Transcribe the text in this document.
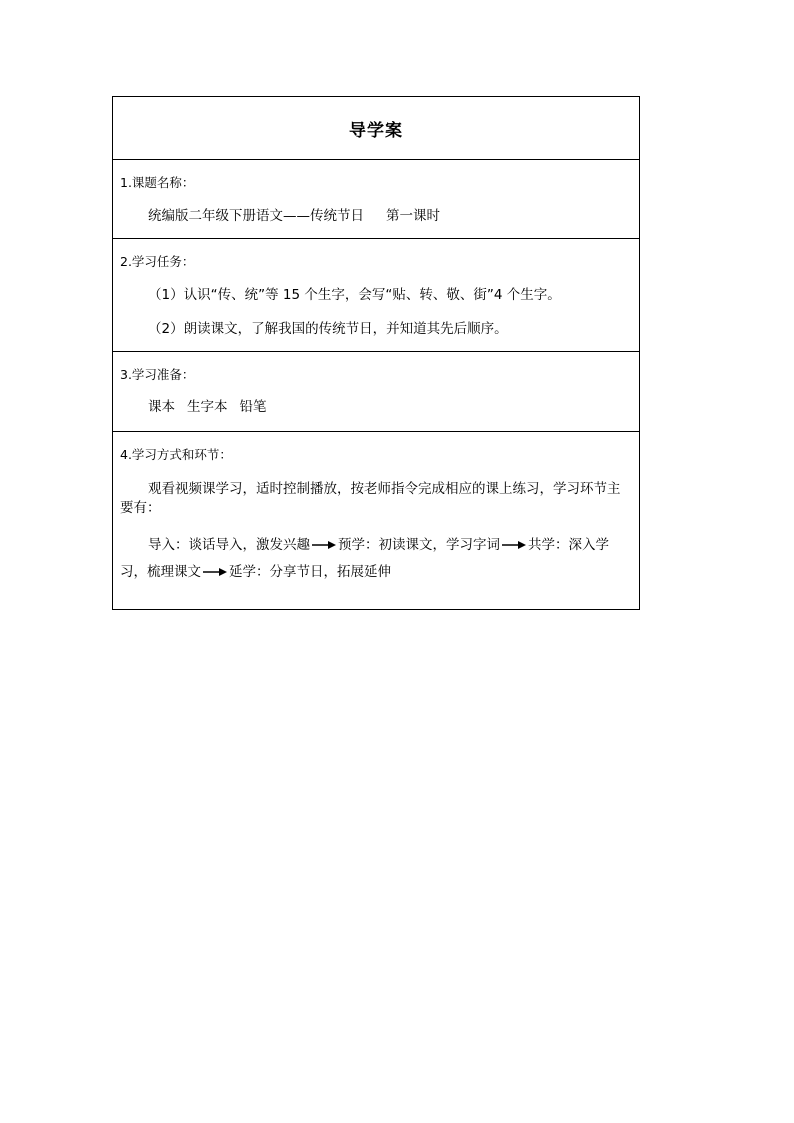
导学案

1.课题名称：
统编版二年级下册语文——传统节日 第一课时

2.学习任务：
（1）认识“传、统”等 15 个生字，会写“贴、转、敬、街”4 个生字。
（2）朗读课文，了解我国的传统节日，并知道其先后顺序。

3.学习准备：
课本 生字本 铅笔

4.学习方式和环节：
观看视频课学习，适时控制播放，按老师指令完成相应的课上练习，学习环节主要有：
导入：谈话导入，激发兴趣 预学：初读课文，学习字词 共学：深入学习，梳理课文 延学：分享节日，拓展延伸
